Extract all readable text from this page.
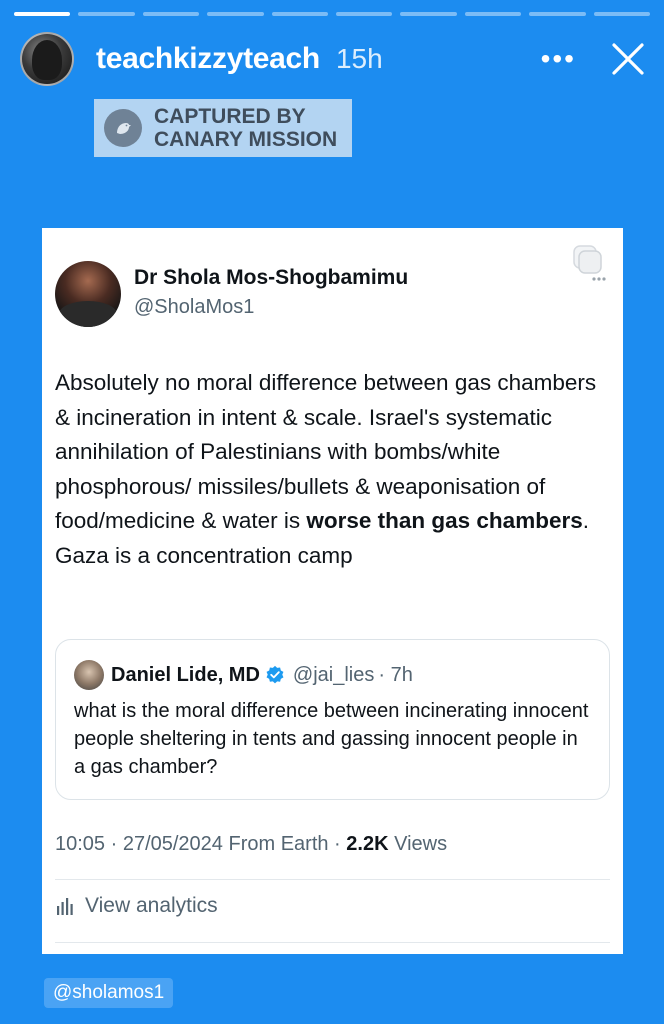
teachkizzyteach 15h	•••
CAPTURED BY
CANARY MISSION
Dr Shola Mos-Shogbamimu
@SholaMos1
Absolutely no moral difference between gas chambers & incineration in intent & scale. Israel's systematic annihilation of Palestinians with bombs/white phosphorous/ missiles/bullets & weaponisation of food/medicine & water is worse than gas chambers. Gaza is a concentration camp
Daniel Lide, MD @jai_lies · 7h
what is the moral difference between incinerating innocent people sheltering in tents and gassing innocent people in a gas chamber?
10:05 · 27/05/2024 From Earth · 2.2K Views
View analytics
@sholamos1
